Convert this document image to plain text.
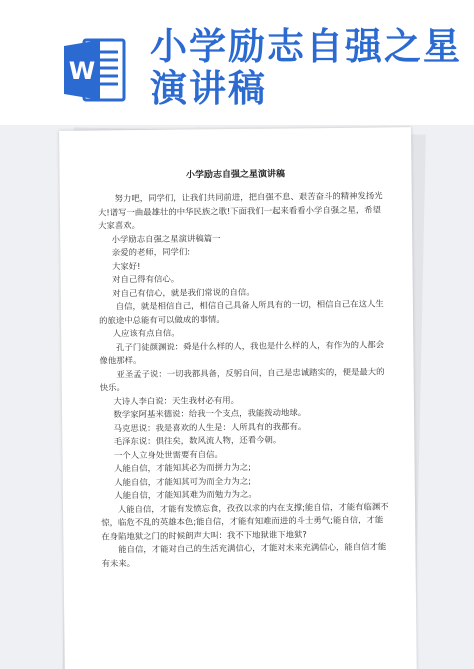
W
小学励志自强之星
演讲稿
小学励志自强之星演讲稿

努力吧，同学们，让我们共同前进，把自强不息、艰苦奋斗的精神发扬光大!谱写一曲最雄壮的中华民族之歌!下面我们一起来看看小学自强之星，希望大家喜欢。

小学励志自强之星演讲稿篇一

亲爱的老师，同学们:

大家好!

对自己得有信心。

对自己有信心，就是我们常说的自信。

自信，就是相信自己，相信自己具备人所具有的一切，相信自己在这人生的旅途中总能有可以做成的事情。

人应该有点自信。

孔子门徒颜渊说：舜是什么样的人，我也是什么样的人，有作为的人都会像他那样。

亚圣孟子说：一切我都具备，反躬自问，自己是忠诚踏实的，便是最大的快乐。

大诗人李白说：天生我材必有用。

数学家阿基米德说：给我一个支点，我能拨动地球。

马克思说：我是喜欢的人生是：人所具有的我都有。

毛泽东说：俱往矣，数风流人物，还看今朝。

一个人立身处世需要有自信。

人能自信，才能知其必为而拼力为之;

人能自信，才能知其可为而全力为之;

人能自信，才能知其难为而勉力为之。

人能自信，才能有发愤忘食，孜孜以求的内在支撑;能自信，才能有临渊不惊，临危不乱的英雄本色;能自信，才能有知难而进的斗士勇气;能自信，才能在身陷地狱之门的时候朗声大叫：我不下地狱谁下地狱?

能自信，才能对自己的生活充满信心，才能对未来充满信心，能自信才能有未来。
